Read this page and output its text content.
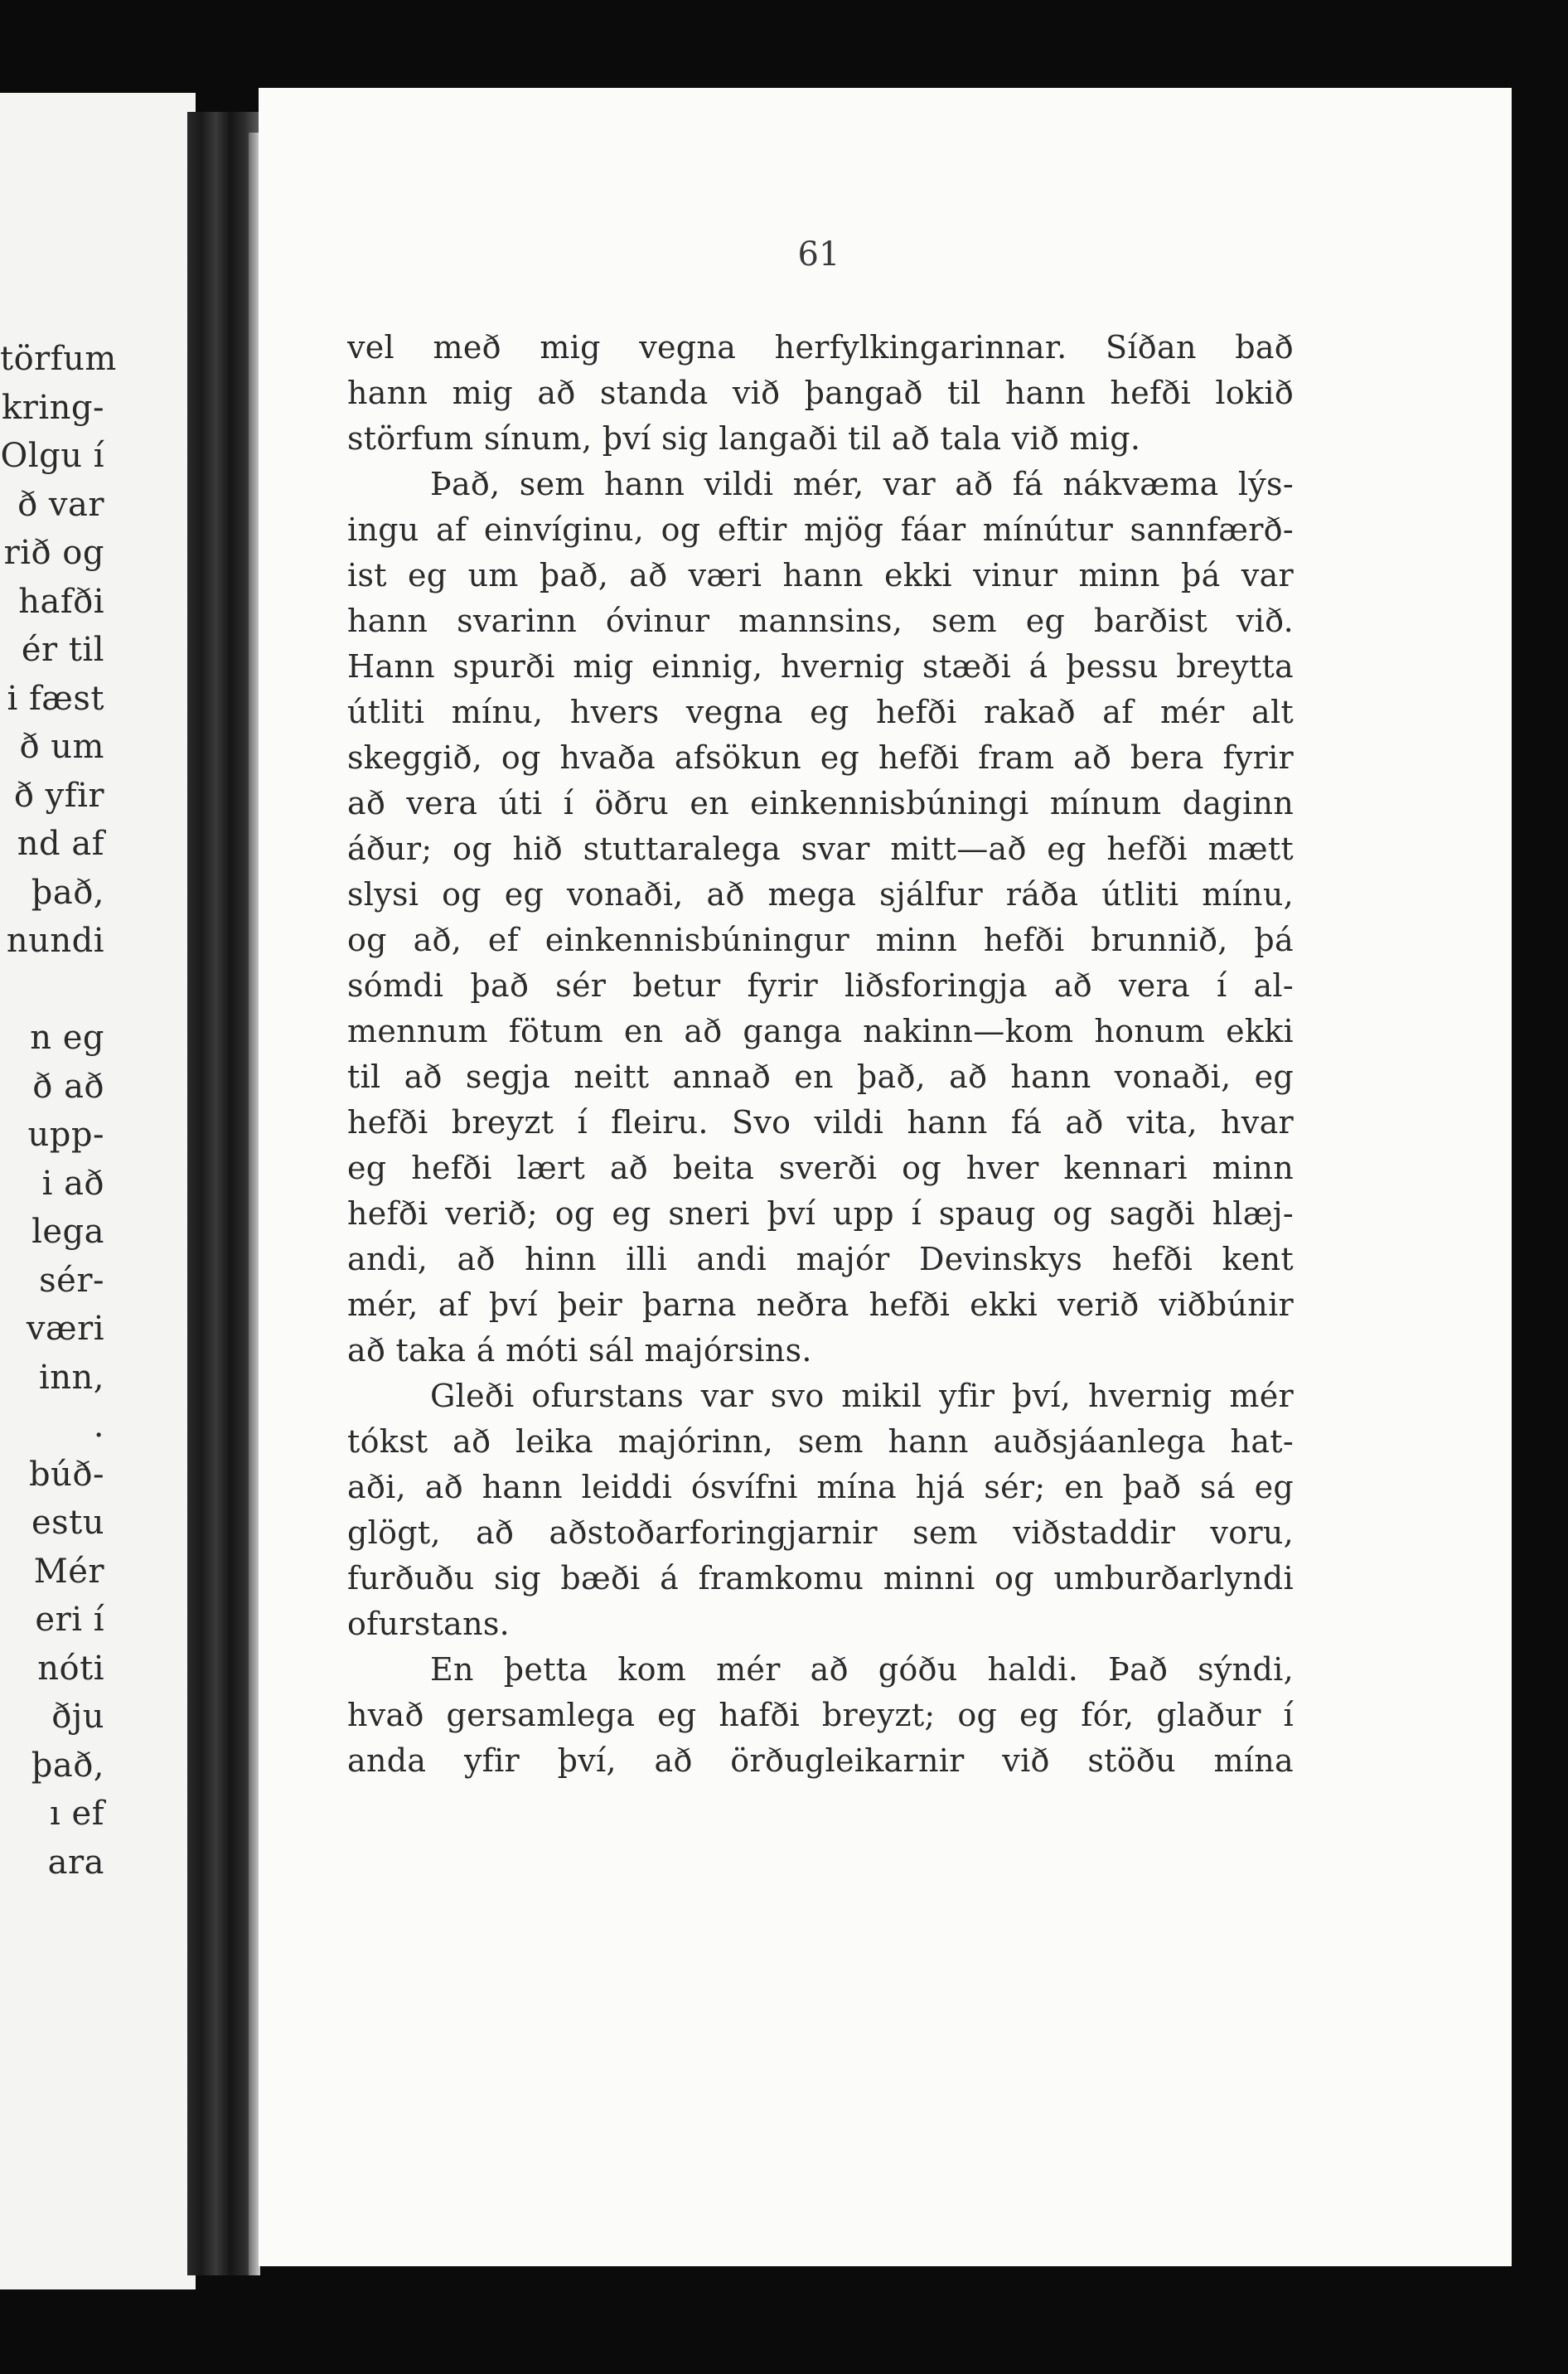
törfum
kring-
Olgu í
ð var
rið og
hafði
ér til
i fæst
ð um
ð yfir
nd af
það,
nundi
n eg
ð að
upp-
i að
lega
sér-
væri
inn,
.
búð-
estu
Mér
eri í
nóti
ðju
það,
ı ef
ara
61
vel með mig vegna herfylkingarinnar. Síðan bað
hann mig að standa við þangað til hann hefði lokið
störfum sínum, því sig langaði til að tala við mig.
Það, sem hann vildi mér, var að fá nákvæma lýs-
ingu af einvíginu, og eftir mjög fáar mínútur sannfærð-
ist eg um það, að væri hann ekki vinur minn þá var
hann svarinn óvinur mannsins, sem eg barðist við.
Hann spurði mig einnig, hvernig stæði á þessu breytta
útliti mínu, hvers vegna eg hefði rakað af mér alt
skeggið, og hvaða afsökun eg hefði fram að bera fyrir
að vera úti í öðru en einkennisbúningi mínum daginn
áður; og hið stuttaralega svar mitt—að eg hefði mætt
slysi og eg vonaði, að mega sjálfur ráða útliti mínu,
og að, ef einkennisbúningur minn hefði brunnið, þá
sómdi það sér betur fyrir liðsforingja að vera í al-
mennum fötum en að ganga nakinn—kom honum ekki
til að segja neitt annað en það, að hann vonaði, eg
hefði breyzt í fleiru. Svo vildi hann fá að vita, hvar
eg hefði lært að beita sverði og hver kennari minn
hefði verið; og eg sneri því upp í spaug og sagði hlæj-
andi, að hinn illi andi majór Devinskys hefði kent
mér, af því þeir þarna neðra hefði ekki verið viðbúnir
að taka á móti sál majórsins.
Gleði ofurstans var svo mikil yfir því, hvernig mér
tókst að leika majórinn, sem hann auðsjáanlega hat-
aði, að hann leiddi ósvífni mína hjá sér; en það sá eg
glögt, að aðstoðarforingjarnir sem viðstaddir voru,
furðuðu sig bæði á framkomu minni og umburðarlyndi
ofurstans.
En þetta kom mér að góðu haldi. Það sýndi,
hvað gersamlega eg hafði breyzt; og eg fór, glaður í
anda yfir því, að örðugleikarnir við stöðu mína
